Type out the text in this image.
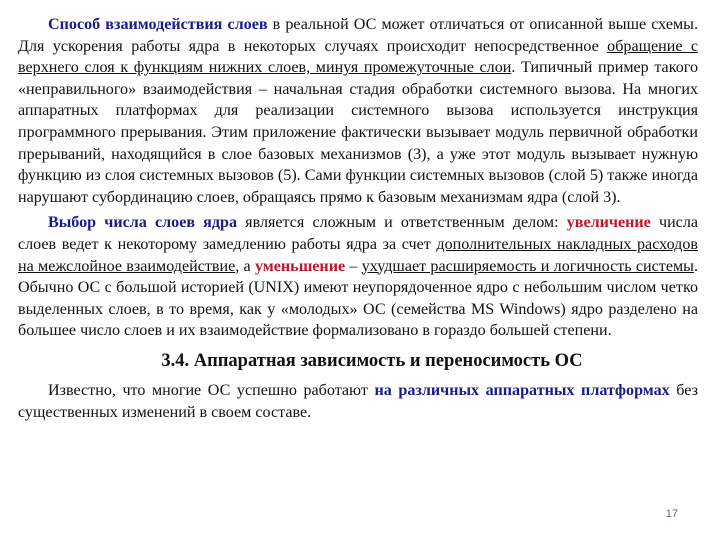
Способ взаимодействия слоев в реальной ОС может отличаться от описанной выше схемы. Для ускорения работы ядра в некоторых случаях происходит непосредственное обращение с верхнего слоя к функциям нижних слоев, минуя промежуточные слои. Типичный пример такого «неправильного» взаимодействия – начальная стадия обработки системного вызова. На многих аппаратных платформах для реализации системного вызова используется инструкция программного прерывания. Этим приложение фактически вызывает модуль первичной обработки прерываний, находящийся в слое базовых механизмов (3), а уже этот модуль вызывает нужную функцию из слоя системных вызовов (5). Сами функции системных вызовов (слой 5) также иногда нарушают субординацию слоев, обращаясь прямо к базовым механизмам ядра (слой 3).

Выбор числа слоев ядра является сложным и ответственным делом: увеличение числа слоев ведет к некоторому замедлению работы ядра за счет дополнительных накладных расходов на межслойное взаимодействие, а уменьшение – ухудшает расширяемость и логичность системы. Обычно ОС с большой историей (UNIX) имеют неупорядоченное ядро с небольшим числом четко выделенных слоев, в то время, как у «молодых» ОС (семейства MS Windows) ядро разделено на большее число слоев и их взаимодействие формализовано в гораздо большей степени.

3.4. Аппаратная зависимость и переносимость ОС

Известно, что многие ОС успешно работают на различных аппаратных платформах без существенных изменений в своем составе.

17
